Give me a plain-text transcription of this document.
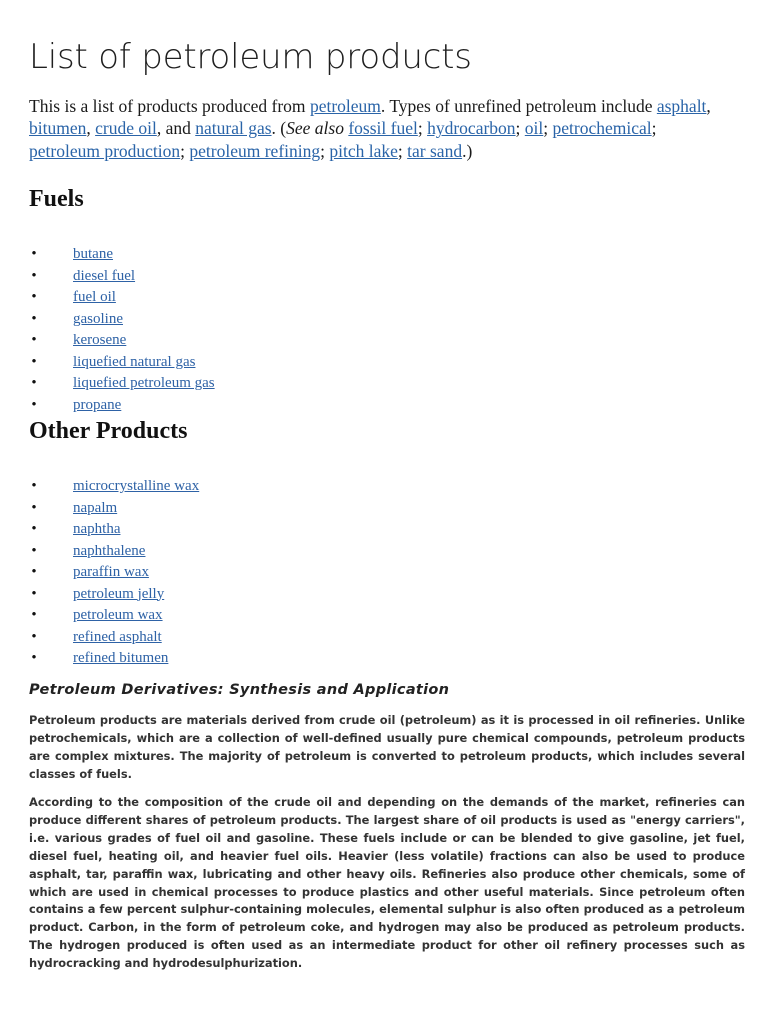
List of petroleum products

This is a list of products produced from petroleum. Types of unrefined petroleum include asphalt, bitumen, crude oil, and natural gas. (See also fossil fuel; hydrocarbon; oil; petrochemical; petroleum production; petroleum refining; pitch lake; tar sand.)

Fuels
• butane
• diesel fuel
• fuel oil
• gasoline
• kerosene
• liquefied natural gas
• liquefied petroleum gas
• propane
Other Products
• microcrystalline wax
• napalm
• naphtha
• naphthalene
• paraffin wax
• petroleum jelly
• petroleum wax
• refined asphalt
• refined bitumen
Petroleum Derivatives: Synthesis and Application

Petroleum products are materials derived from crude oil (petroleum) as it is processed in oil refineries. Unlike petrochemicals, which are a collection of well-defined usually pure chemical compounds, petroleum products are complex mixtures. The majority of petroleum is converted to petroleum products, which includes several classes of fuels.

According to the composition of the crude oil and depending on the demands of the market, refineries can produce different shares of petroleum products. The largest share of oil products is used as "energy carriers", i.e. various grades of fuel oil and gasoline. These fuels include or can be blended to give gasoline, jet fuel, diesel fuel, heating oil, and heavier fuel oils. Heavier (less volatile) fractions can also be used to produce asphalt, tar, paraffin wax, lubricating and other heavy oils. Refineries also produce other chemicals, some of which are used in chemical processes to produce plastics and other useful materials. Since petroleum often contains a few percent sulphur-containing molecules, elemental sulphur is also often produced as a petroleum product. Carbon, in the form of petroleum coke, and hydrogen may also be produced as petroleum products. The hydrogen produced is often used as an intermediate product for other oil refinery processes such as hydrocracking and hydrodesulphurization.
